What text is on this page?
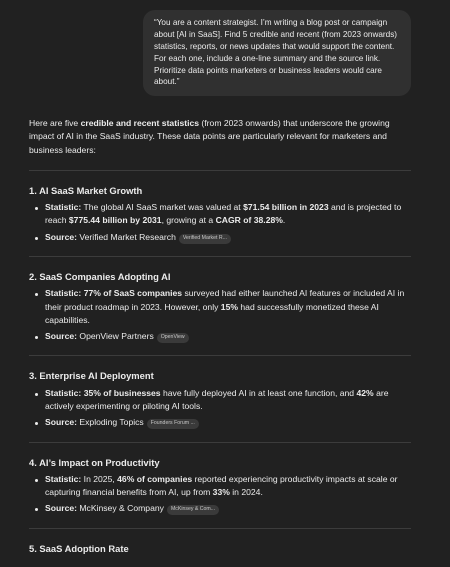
“You are a content strategist. I’m writing a blog post or campaign about [AI in SaaS]. Find 5 credible and recent (from 2023 onwards) statistics, reports, or news updates that would support the content. For each one, include a one-line summary and the source link. Prioritize data points marketers or business leaders would care about.”

Here are five credible and recent statistics (from 2023 onwards) that underscore the growing impact of AI in the SaaS industry. These data points are particularly relevant for marketers and business leaders:

1. AI SaaS Market Growth
Statistic: The global AI SaaS market was valued at $71.54 billion in 2023 and is projected to reach $775.44 billion by 2031, growing at a CAGR of 38.28%.
Source: Verified Market Research Verified Market R...
2. SaaS Companies Adopting AI
Statistic: 77% of SaaS companies surveyed had either launched AI features or included AI in their product roadmap in 2023. However, only 15% had successfully monetized these AI capabilities.
Source: OpenView Partners OpenView
3. Enterprise AI Deployment
Statistic: 35% of businesses have fully deployed AI in at least one function, and 42% are actively experimenting or piloting AI tools.
Source: Exploding Topics Founders Forum ...
4. AI’s Impact on Productivity
Statistic: In 2025, 46% of companies reported experiencing productivity impacts at scale or capturing financial benefits from AI, up from 33% in 2024.
Source: McKinsey & Company McKinsey & Com...
5. SaaS Adoption Rate
